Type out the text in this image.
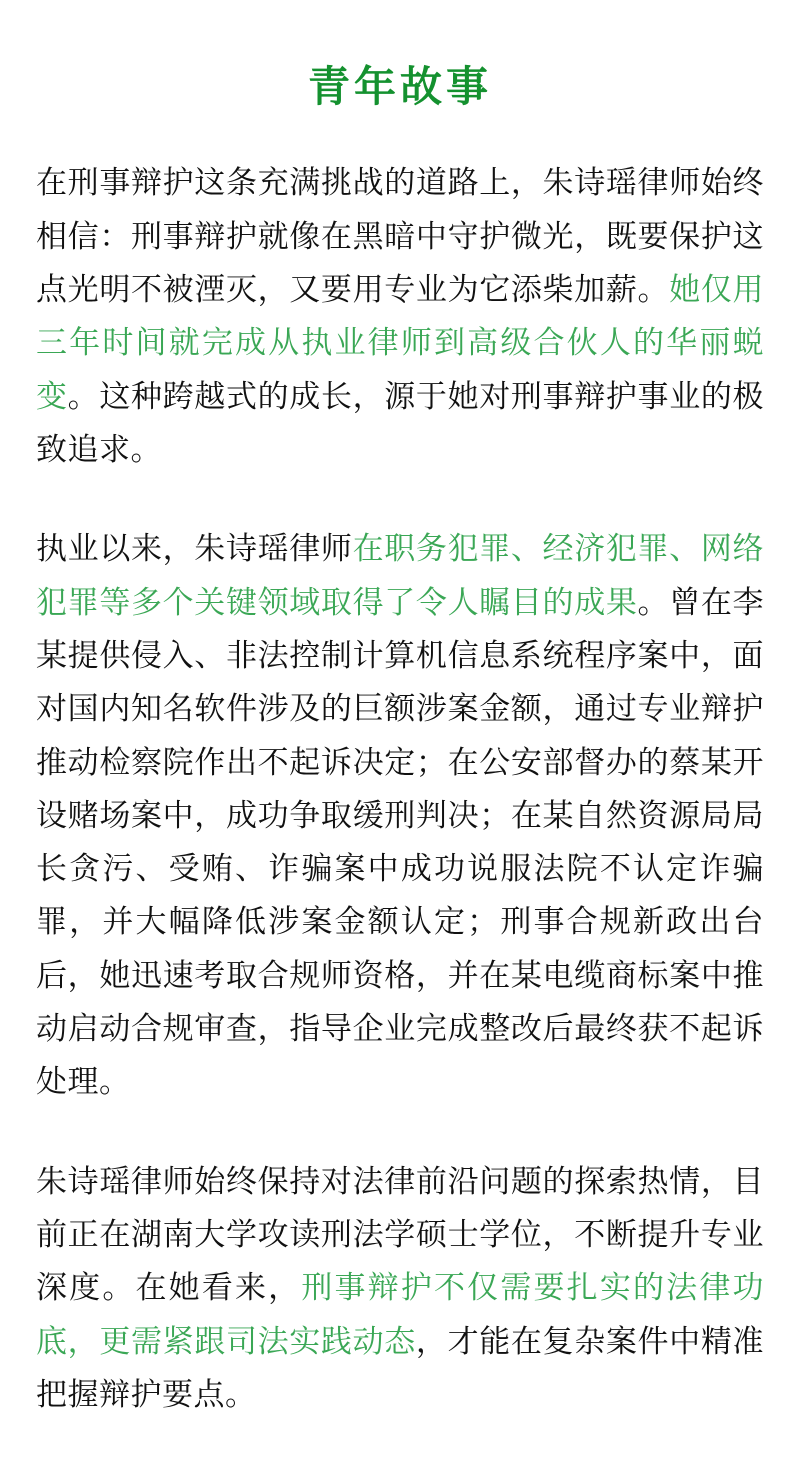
青年故事

在刑事辩护这条充满挑战的道路上，朱诗瑶律师始终相信：刑事辩护就像在黑暗中守护微光，既要保护这点光明不被湮灭，又要用专业为它添柴加薪。她仅用三年时间就完成从执业律师到高级合伙人的华丽蜕变。这种跨越式的成长，源于她对刑事辩护事业的极致追求。

执业以来，朱诗瑶律师在职务犯罪、经济犯罪、网络犯罪等多个关键领域取得了令人瞩目的成果。曾在李某提供侵入、非法控制计算机信息系统程序案中，面对国内知名软件涉及的巨额涉案金额，通过专业辩护推动检察院作出不起诉决定；在公安部督办的蔡某开设赌场案中，成功争取缓刑判决；在某自然资源局局长贪污、受贿、诈骗案中成功说服法院不认定诈骗罪，并大幅降低涉案金额认定；刑事合规新政出台后，她迅速考取合规师资格，并在某电缆商标案中推动启动合规审查，指导企业完成整改后最终获不起诉处理。

朱诗瑶律师始终保持对法律前沿问题的探索热情，目前正在湖南大学攻读刑法学硕士学位，不断提升专业深度。在她看来，刑事辩护不仅需要扎实的法律功底，更需紧跟司法实践动态，才能在复杂案件中精准把握辩护要点。
